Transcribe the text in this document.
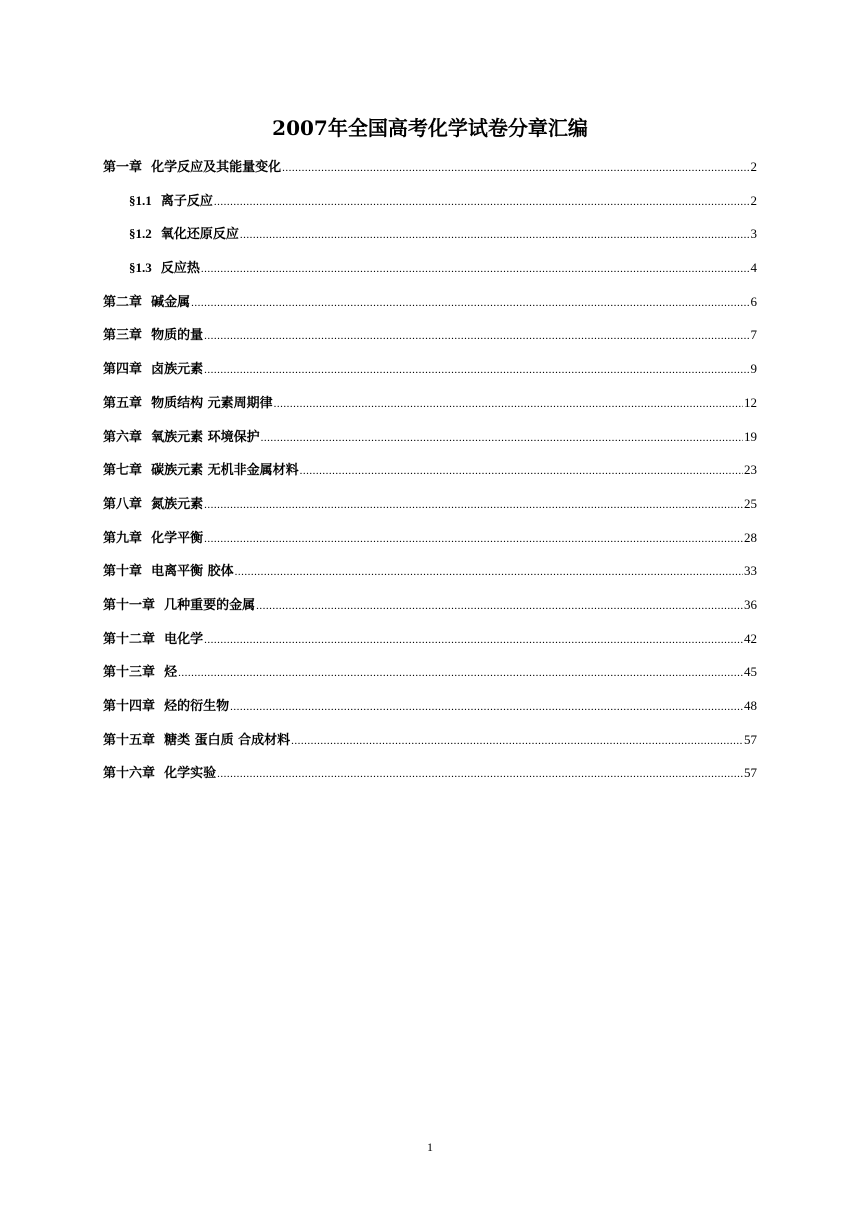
2007年全国高考化学试卷分章汇编
第一章 化学反应及其能量变化 .....	2
§1.1 离子反应 .....	2
§1.2 氧化还原反应 .....	3
§1.3 反应热 .....	4
第二章 碱金属 .....	6
第三章 物质的量 .....	7
第四章 卤族元素 .....	9
第五章 物质结构 元素周期律 .....	12
第六章 氧族元素 环境保护 .....	19
第七章 碳族元素 无机非金属材料 .....	23
第八章 氮族元素 .....	25
第九章 化学平衡 .....	28
第十章 电离平衡 胶体 .....	33
第十一章 几种重要的金属 .....	36
第十二章 电化学 .....	42
第十三章 烃 .....	45
第十四章 烃的衍生物 .....	48
第十五章 糖类 蛋白质 合成材料 .....	57
第十六章 化学实验 .....	57
1
